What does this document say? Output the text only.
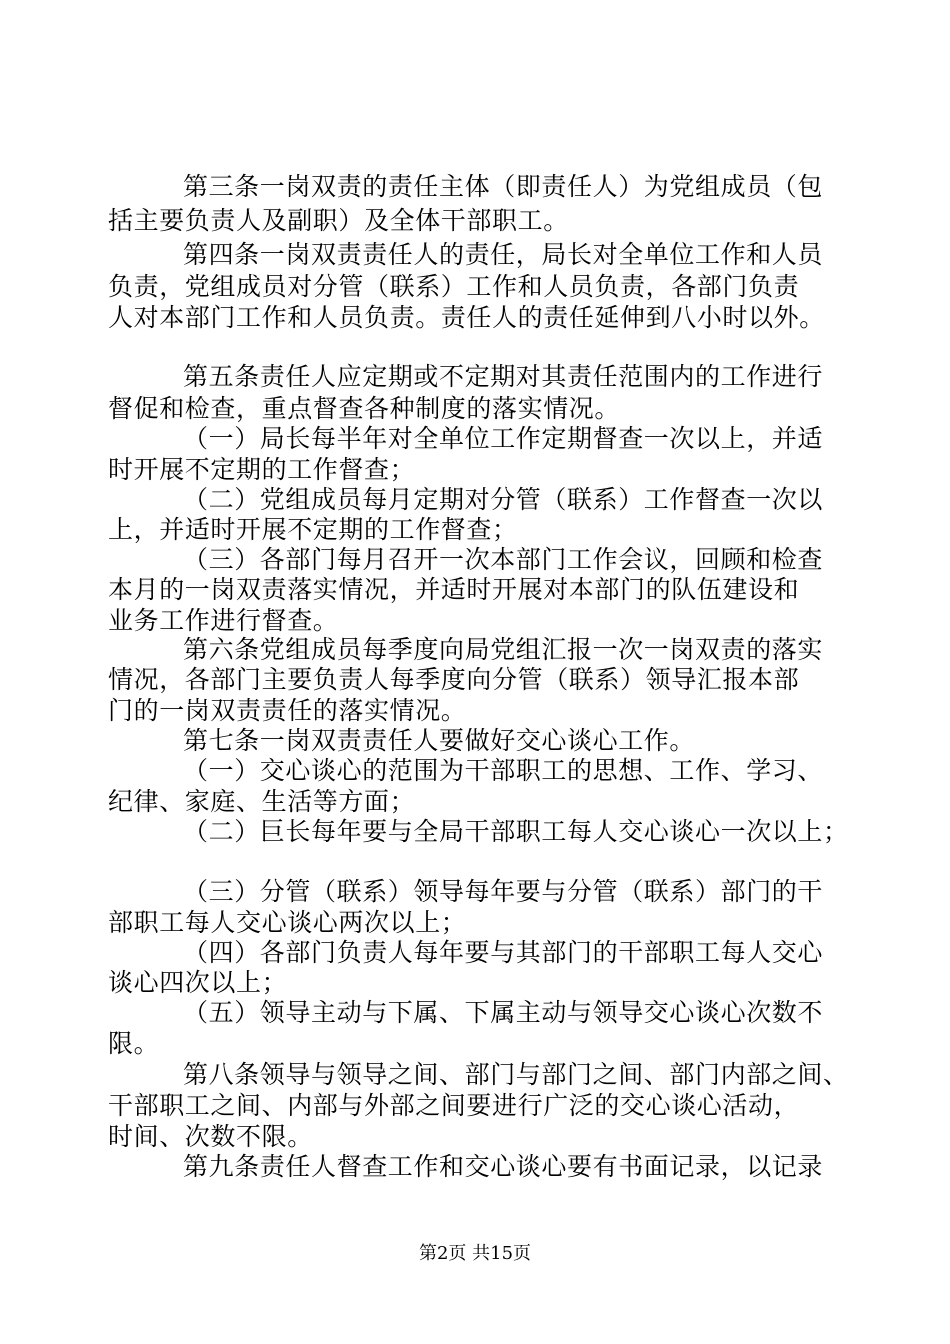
第三条一岗双责的责任主体（即责任人）为党组成员（包
括主要负责人及副职）及全体干部职工。
第四条一岗双责责任人的责任，局长对全单位工作和人员
负责，党组成员对分管（联系）工作和人员负责，各部门负责
人对本部门工作和人员负责。责任人的责任延伸到八小时以外。
第五条责任人应定期或不定期对其责任范围内的工作进行
督促和检查，重点督查各种制度的落实情况。
（一）局长每半年对全单位工作定期督查一次以上，并适
时开展不定期的工作督查；
（二）党组成员每月定期对分管（联系）工作督查一次以
上，并适时开展不定期的工作督查；
（三）各部门每月召开一次本部门工作会议，回顾和检查
本月的一岗双责落实情况，并适时开展对本部门的队伍建设和
业务工作进行督查。
第六条党组成员每季度向局党组汇报一次一岗双责的落实
情况，各部门主要负责人每季度向分管（联系）领导汇报本部
门的一岗双责责任的落实情况。
第七条一岗双责责任人要做好交心谈心工作。
（一）交心谈心的范围为干部职工的思想、工作、学习、
纪律、家庭、生活等方面；
（二）巨长每年要与全局干部职工每人交心谈心一次以上；
（三）分管（联系）领导每年要与分管（联系）部门的干
部职工每人交心谈心两次以上；
（四）各部门负责人每年要与其部门的干部职工每人交心
谈心四次以上；
（五）领导主动与下属、下属主动与领导交心谈心次数不
限。
第八条领导与领导之间、部门与部门之间、部门内部之间、
干部职工之间、内部与外部之间要进行广泛的交心谈心活动，
时间、次数不限。
第九条责任人督查工作和交心谈心要有书面记录，以记录
第2页 共15页
